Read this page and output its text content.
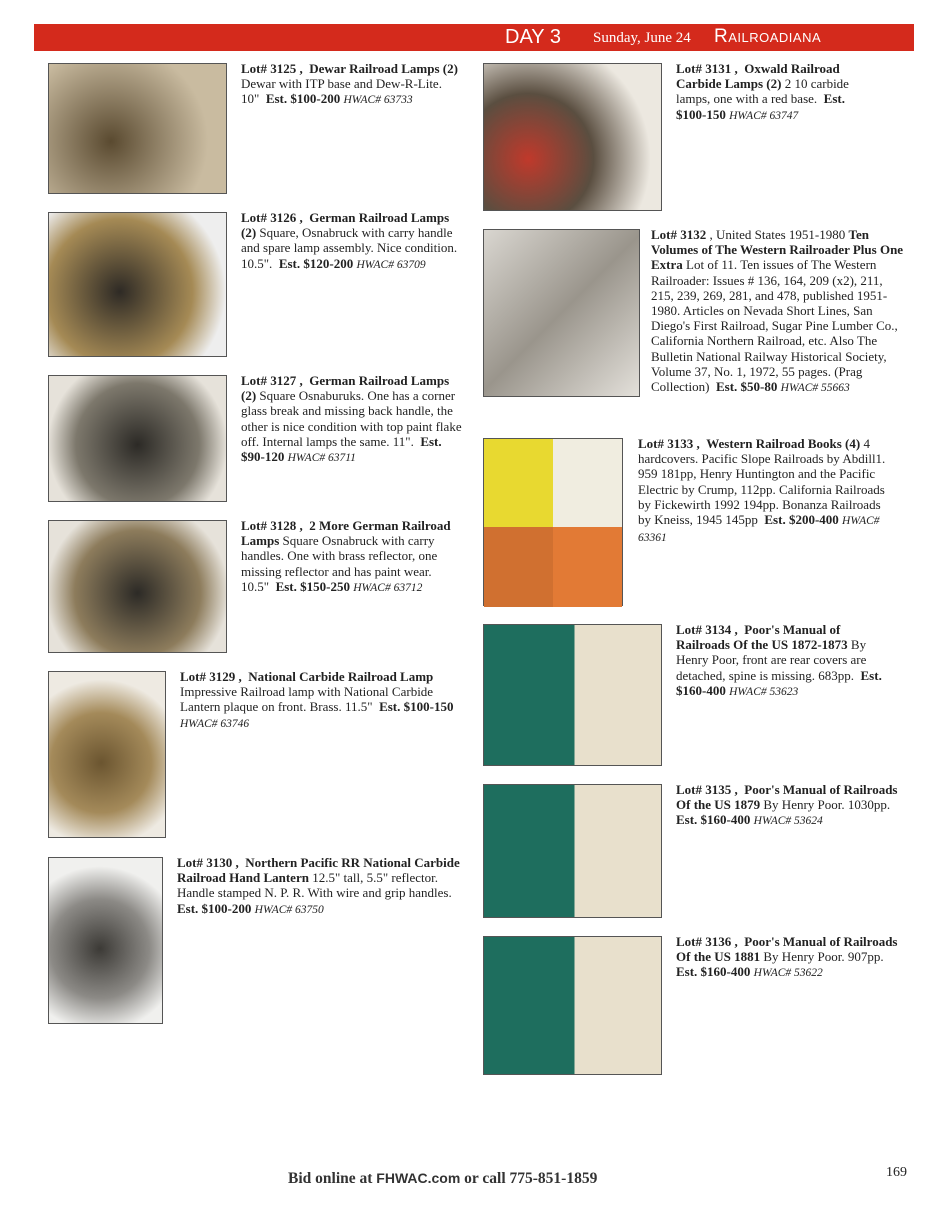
DAY 3 Sunday, June 24 Railroadiana
Lot# 3125 , Dewar Railroad Lamps (2) Dewar with ITP base and Dew-R-Lite. 10" Est. $100-200 HWAC# 63733
Lot# 3126 , German Railroad Lamps (2) Square, Osnabruck with carry handle and spare lamp assembly. Nice condition. 10.5". Est. $120-200 HWAC# 63709
Lot# 3127 , German Railroad Lamps (2) Square Osnaburuks. One has a corner glass break and missing back handle, the other is nice condition with top paint flake off. Internal lamps the same. 11". Est. $90-120 HWAC# 63711
Lot# 3128 , 2 More German Railroad Lamps Square Osnabruck with carry handles. One with brass reflector, one missing reflector and has paint wear. 10.5" Est. $150-250 HWAC# 63712
Lot# 3129 , National Carbide Railroad Lamp Impressive Railroad lamp with National Carbide Lantern plaque on front. Brass. 11.5" Est. $100-150 HWAC# 63746
Lot# 3130 , Northern Pacific RR National Carbide Railroad Hand Lantern 12.5" tall, 5.5" reflector. Handle stamped N. P. R. With wire and grip handles.  Est. $100-200 HWAC# 63750
Lot# 3131 , Oxwald Railroad Carbide Lamps (2) 2 10 carbide lamps, one with a red base. Est. $100-150 HWAC# 63747
Lot# 3132 , United States 1951-1980 Ten Volumes of The Western Railroader Plus One Extra Lot of 11. Ten issues of The Western Railroader: Issues # 136, 164, 209 (x2), 211, 215, 239, 269, 281, and 478, published 1951-1980. Articles on Nevada Short Lines, San Diego's First Railroad, Sugar Pine Lumber Co., California Northern Railroad, etc. Also The Bulletin National Railway Historical Society, Volume 37, No. 1, 1972, 55 pages. (Prag Collection) Est. $50-80 HWAC# 55663
Lot# 3133 , Western Railroad Books (4) 4 hardcovers. Pacific Slope Railroads by Abdill1. 959 181pp, Henry Huntington and the Pacific Electric by Crump, 112pp. California Railroads by Fickewirth 1992 194pp. Bonanza Railroads by Kneiss, 1945 145pp Est. $200-400 HWAC# 63361
Lot# 3134 , Poor's Manual of Railroads Of the US 1872-1873 By Henry Poor, front are rear covers are detached, spine is missing. 683pp. Est. $160-400 HWAC# 53623
Lot# 3135 , Poor's Manual of Railroads Of the US 1879 By Henry Poor. 1030pp.  Est. $160-400 HWAC# 53624
Lot# 3136 , Poor's Manual of Railroads Of the US 1881 By Henry Poor. 907pp.  Est. $160-400 HWAC# 53622
Bid online at FHWAC.com or call 775-851-1859	169
